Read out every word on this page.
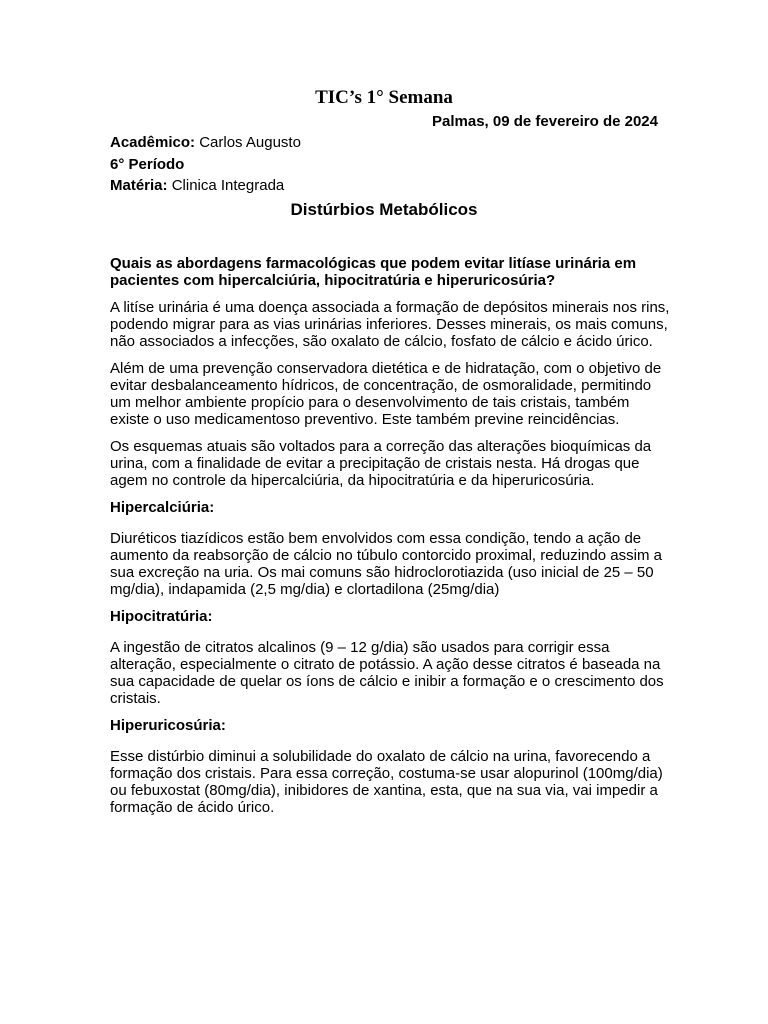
TIC’s 1° Semana
Palmas, 09 de fevereiro de 2024
Acadêmico: Carlos Augusto
6° Período
Matéria: Clinica Integrada
Distúrbios Metabólicos

Quais as abordagens farmacológicas que podem evitar litíase urinária em pacientes com hipercalciúria, hipocitratúria e hiperuricosúria?

A litíse urinária é uma doença associada a formação de depósitos minerais nos rins, podendo migrar para as vias urinárias inferiores. Desses minerais, os mais comuns, não associados a infecções, são oxalato de cálcio, fosfato de cálcio e ácido úrico.

Além de uma prevenção conservadora dietética e de hidratação, com o objetivo de evitar desbalanceamento hídricos, de concentração, de osmoralidade, permitindo um melhor ambiente propício para o desenvolvimento de tais cristais, também existe o uso medicamentoso preventivo. Este também previne reincidências.

Os esquemas atuais são voltados para a correção das alterações bioquímicas da urina, com a finalidade de evitar a precipitação de cristais nesta. Há drogas que agem no controle da hipercalciúria, da hipocitratúria e da hiperuricosúria.

Hipercalciúria:

Diuréticos tiazídicos estão bem envolvidos com essa condição, tendo a ação de aumento da reabsorção de cálcio no túbulo contorcido proximal, reduzindo assim a sua excreção na uria. Os mai comuns são hidroclorotiazida (uso inicial de 25 – 50 mg/dia), indapamida (2,5 mg/dia) e clortadilona (25mg/dia)

Hipocitratúria:

A ingestão de citratos alcalinos (9 – 12 g/dia) são usados para corrigir essa alteração, especialmente o citrato de potássio. A ação desse citratos é baseada na sua capacidade de quelar os íons de cálcio e inibir a formação e o crescimento dos cristais.

Hiperuricosúria:

Esse distúrbio diminui a solubilidade do oxalato de cálcio na urina, favorecendo a formação dos cristais. Para essa correção, costuma-se usar alopurinol (100mg/dia) ou febuxostat (80mg/dia), inibidores de xantina, esta, que na sua via, vai impedir a formação de ácido úrico.
